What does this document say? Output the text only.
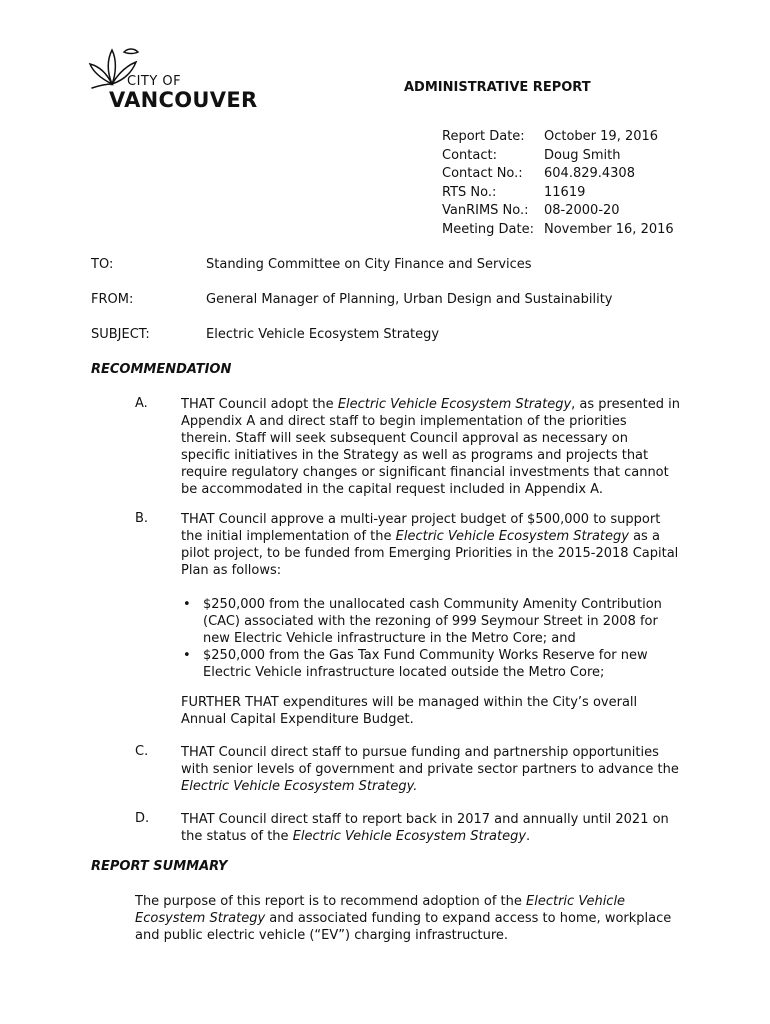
CITY OF
VANCOUVER
ADMINISTRATIVE REPORT
Report Date:	October 19, 2016
Contact:	Doug Smith
Contact No.:	604.829.4308
RTS No.:	11619
VanRIMS No.:	08-2000-20
Meeting Date: November 16, 2016
TO:	Standing Committee on City Finance and Services
FROM:	General Manager of Planning, Urban Design and Sustainability
SUBJECT:	Electric Vehicle Ecosystem Strategy
RECOMMENDATION
A.	THAT Council adopt the Electric Vehicle Ecosystem Strategy, as presented in Appendix A and direct staff to begin implementation of the priorities therein. Staff will seek subsequent Council approval as necessary on specific initiatives in the Strategy as well as programs and projects that require regulatory changes or significant financial investments that cannot be accommodated in the capital request included in Appendix A.
B.	THAT Council approve a multi-year project budget of $500,000 to support the initial implementation of the Electric Vehicle Ecosystem Strategy as a pilot project, to be funded from Emerging Priorities in the 2015-2018 Capital Plan as follows:
• $250,000 from the unallocated cash Community Amenity Contribution (CAC) associated with the rezoning of 999 Seymour Street in 2008 for new Electric Vehicle infrastructure in the Metro Core; and
• $250,000 from the Gas Tax Fund Community Works Reserve for new Electric Vehicle infrastructure located outside the Metro Core;
FURTHER THAT expenditures will be managed within the City’s overall Annual Capital Expenditure Budget.
C.	THAT Council direct staff to pursue funding and partnership opportunities with senior levels of government and private sector partners to advance the Electric Vehicle Ecosystem Strategy.
D. THAT Council direct staff to report back in 2017 and annually until 2021 on the status of the Electric Vehicle Ecosystem Strategy.
REPORT SUMMARY
The purpose of this report is to recommend adoption of the Electric Vehicle Ecosystem Strategy and associated funding to expand access to home, workplace and public electric vehicle (“EV”) charging infrastructure.
